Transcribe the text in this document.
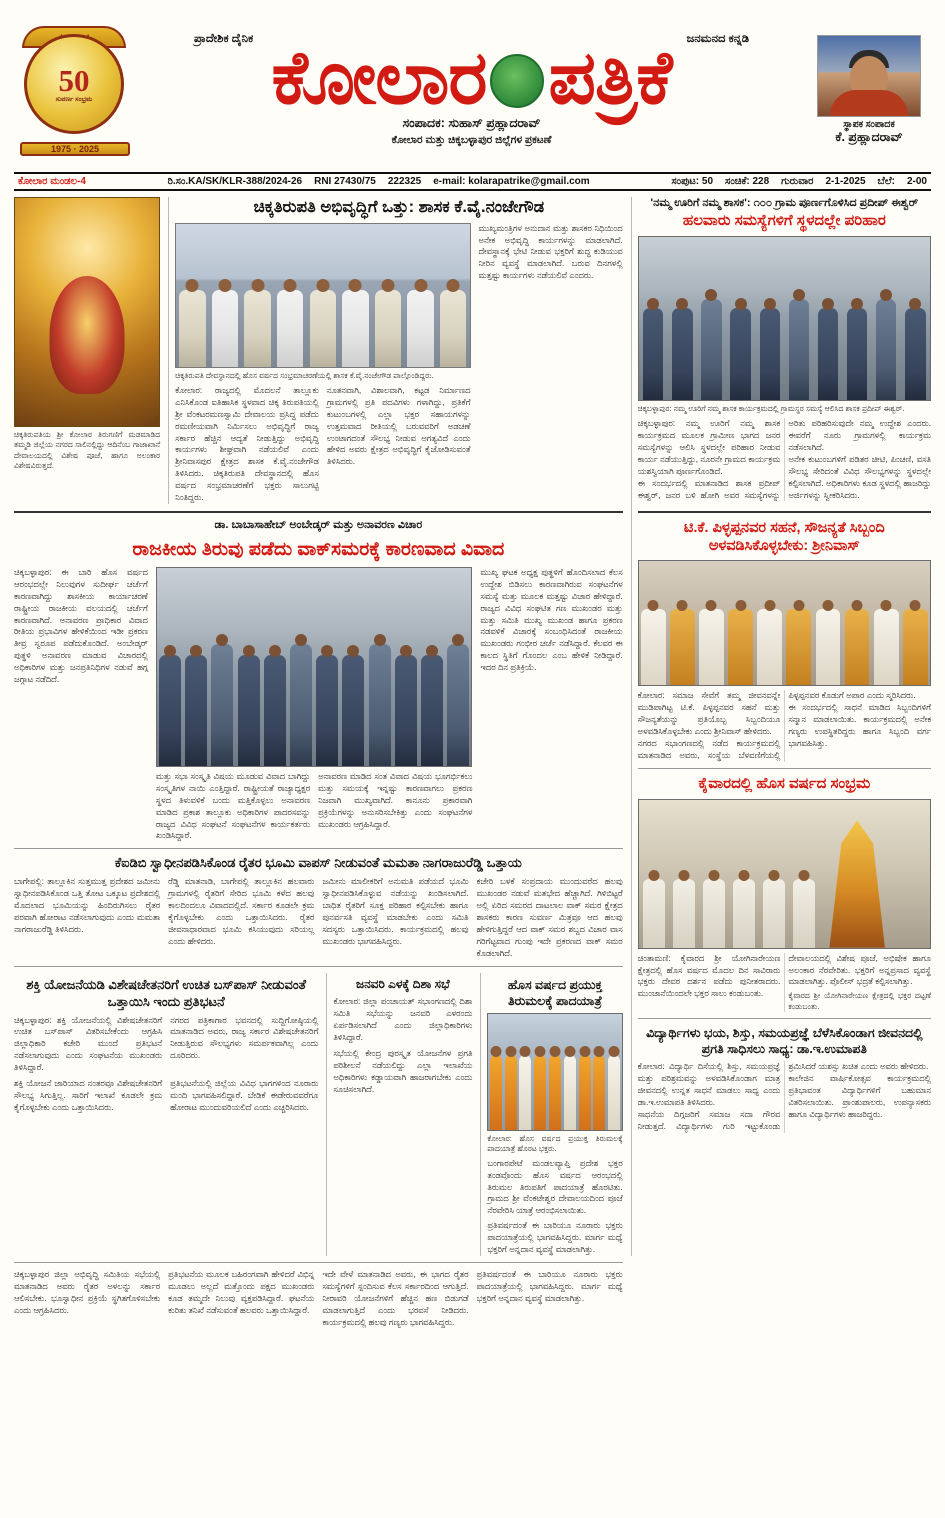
50
ಸುವರ್ಣ ಸಂಭ್ರಮ
1975 · 2025
ಪ್ರಾದೇಶಿಕ ದೈನಿಕ	ಜನಮನದ ಕನ್ನಡಿ
ಕೋಲಾರ ಪತ್ರಿಕೆ
ಸಂಪಾದಕ: ಸುಹಾಸ್ ಪ್ರಹ್ಲಾದರಾವ್
ಕೋಲಾರ ಮತ್ತು ಚಿಕ್ಕಬಳ್ಳಾಪುರ ಜಿಲ್ಲೆಗಳ ಪ್ರಕಟಣೆ
ಸ್ಥಾಪಕ ಸಂಪಾದಕ
ಕೆ. ಪ್ರಹ್ಲಾದರಾವ್
ಕೋಲಾರ ಮಂಡಲ-4	ರಿ.ಸಂ.KA/SK/KLR-388/2024-26 RNI 27430/75 222325 e-mail: kolarapatrike@gmail.com	ಸಂಪುಟ: 50 ಸಂಚಿಕೆ: 228 ಗುರುವಾರ 2-1-2025 ಬೆಲೆ: 2-00
ಚಿಕ್ಕತಿರುಪತಿಯ ಶ್ರೀ ಕೋಲಾರ ತಿರುಗಣಿಗೆ ಮಡಮಾಡಿದ ತಮ್ಮಡಿ ಜಿಲ್ಲೆಯ ನಗರದ ಸಾಲಿನಲ್ಲಿದ್ದು ಆದಿನೆಂಬ ಗಾಜಾಖಾನೆ ದೇವಾಲಯದಲ್ಲಿ ವಿಶೇಷ ಪೂಜೆ, ಹಾಗೂ ಅಲಂಕಾರ ವಿಶೇಷವಿರುತ್ತದೆ.
ಚಿಕ್ಕತಿರುಪತಿ ಅಭಿವೃದ್ಧಿಗೆ ಒತ್ತು: ಶಾಸಕ ಕೆ.ವೈ.ನಂಜೇಗೌಡ
ಚಿಕ್ಕತಿರುಪತಿ ದೇವಸ್ಥಾನದಲ್ಲಿ ಹೊಸ ವರ್ಷದ ಸಂಭ್ರಮಾಚರಣೆಯಲ್ಲಿ ಶಾಸಕ ಕೆ.ವೈ.ನಂಜೇಗೌಡ ಪಾಲ್ಗೊಂಡಿದ್ದರು.
ಕೋಲಾರ: ರಾಜ್ಯದಲ್ಲಿ ಮೊದಲನೆ ತಾಲ್ಲೂಕು ಎನಿಸಿಕೊಂಡ ಐತಿಹಾಸಿಕ ಸ್ಥಳವಾದ ಚಿಕ್ಕ ತಿರುಪತಿಯಲ್ಲಿ ಶ್ರೀ ವೆಂಕಟರಮಣಸ್ವಾಮಿ ದೇವಾಲಯ ಪ್ರಸಿದ್ಧ ಪಡೆದು ರಮಣೀಯವಾಗಿ ನಿರ್ಮಿಸಲು ಅಭಿವೃದ್ಧಿಗೆ ರಾಜ್ಯ ಸರ್ಕಾರ ಹೆಚ್ಚಿನ ಆದ್ಯತೆ ನೀಡುತ್ತಿದ್ದು ಅಭಿವೃದ್ಧಿ ಕಾರ್ಯಗಳು ಶೀಘ್ರವಾಗಿ ನಡೆಯಲಿವೆ ಎಂದು ಶ್ರೀನಿವಾಸಪುರ ಕ್ಷೇತ್ರದ ಶಾಸಕ ಕೆ.ವೈ.ನಂಜೇಗೌಡ ತಿಳಿಸಿದರು. ಚಿಕ್ಕತಿರುಪತಿ ದೇವಸ್ಥಾನದಲ್ಲಿ ಹೊಸ ವರ್ಷದ ಸಂಭ್ರಮಾಚರಣೆಗೆ ಭಕ್ತರು ಸಾಲುಗಟ್ಟಿ ನಿಂತಿದ್ದರು.
ನೂತನವಾಗಿ, ವಿಶಾಲವಾಗಿ, ಕಟ್ಟಡ ನಿರ್ಮಾಣದ ಗ್ರಾಮಗಳಲ್ಲಿ ಪ್ರತಿ ಪದವಿಗಳು ಗಳಾಗಿದ್ದು, ಪ್ರತಿಕೆಗೆ ಕುಟುಂಬಗಳಲ್ಲಿ ಎಲ್ಲಾ ಭಕ್ತರ ಸಹಾಯಗಳನ್ನು ಉತ್ತಮವಾದ ರೀತಿಯಲ್ಲಿ ಬರುವವರಿಗೆ ಅಡಚಣೆ ಉಂಟಾಗದಂತೆ ಸೌಲಭ್ಯ ನೀಡುವ ಅಗತ್ಯವಿದೆ ಎಂದು ಹೇಳಿದ ಅವರು ಕ್ಷೇತ್ರದ ಅಭಿವೃದ್ಧಿಗೆ ಕೈಜೋಡಿಸುವಂತೆ ತಿಳಿಸಿದರು.
ಮುಖ್ಯಮಂತ್ರಿಗಳ ಅನುದಾನ ಮತ್ತು ಶಾಸಕರ ನಿಧಿಯಿಂದ ಅನೇಕ ಅಭಿವೃದ್ಧಿ ಕಾರ್ಯಗಳನ್ನು ಮಾಡಲಾಗಿದೆ. ದೇವಸ್ಥಾನಕ್ಕೆ ಭೇಟಿ ನೀಡುವ ಭಕ್ತರಿಗೆ ಶುದ್ಧ ಕುಡಿಯುವ ನೀರಿನ ವ್ಯವಸ್ಥೆ ಮಾಡಲಾಗಿದೆ. ಬರುವ ದಿನಗಳಲ್ಲಿ ಮತ್ತಷ್ಟು ಕಾರ್ಯಗಳು ನಡೆಯಲಿವೆ ಎಂದರು.
'ನಮ್ಮ ಊರಿಗೆ ನಮ್ಮ ಶಾಸಕ': ೧೦೦ ಗ್ರಾಮ ಪೂರ್ಣಗೊಳಿಸಿದ ಪ್ರದೀಪ್ ಈಶ್ವರ್
ಹಲವಾರು ಸಮಸ್ಯೆಗಳಿಗೆ ಸ್ಥಳದಲ್ಲೇ ಪರಿಹಾರ
ಚಿಕ್ಕಬಳ್ಳಾಪುರ: ನಮ್ಮ ಊರಿಗೆ ನಮ್ಮ ಶಾಸಕ ಕಾರ್ಯಕ್ರಮದಲ್ಲಿ ಗ್ರಾಮಸ್ಥರ ಸಮಸ್ಯೆ ಆಲಿಸಿದ ಶಾಸಕ ಪ್ರದೀಪ್ ಈಶ್ವರ್.
ಚಿಕ್ಕಬಳ್ಳಾಪುರ: ನಮ್ಮ ಊರಿಗೆ ನಮ್ಮ ಶಾಸಕ ಕಾರ್ಯಕ್ರಮದ ಮೂಲಕ ಗ್ರಾಮೀಣ ಭಾಗದ ಜನರ ಸಮಸ್ಯೆಗಳನ್ನು ಆಲಿಸಿ ಸ್ಥಳದಲ್ಲೇ ಪರಿಹಾರ ನೀಡುವ ಕಾರ್ಯ ನಡೆಯುತ್ತಿದ್ದು, ನೂರನೇ ಗ್ರಾಮದ ಕಾರ್ಯಕ್ರಮ ಯಶಸ್ವಿಯಾಗಿ ಪೂರ್ಣಗೊಂಡಿದೆ.
ಈ ಸಂದರ್ಭದಲ್ಲಿ ಮಾತನಾಡಿದ ಶಾಸಕ ಪ್ರದೀಪ್ ಈಶ್ವರ್, ಜನರ ಬಳಿ ಹೋಗಿ ಅವರ ಸಮಸ್ಯೆಗಳನ್ನು ಅರಿತು ಪರಿಹರಿಸುವುದೇ ನಮ್ಮ ಉದ್ದೇಶ ಎಂದರು. ಈವರೆಗೆ ನೂರು ಗ್ರಾಮಗಳಲ್ಲಿ ಕಾರ್ಯಕ್ರಮ ನಡೆಸಲಾಗಿದೆ.
ಅನೇಕ ಕುಟುಂಬಗಳಿಗೆ ಪಡಿತರ ಚೀಟಿ, ಪಿಂಚಣಿ, ವಸತಿ ಸೌಲಭ್ಯ ಸೇರಿದಂತೆ ವಿವಿಧ ಸೌಲಭ್ಯಗಳನ್ನು ಸ್ಥಳದಲ್ಲೇ ಕಲ್ಪಿಸಲಾಗಿದೆ. ಅಧಿಕಾರಿಗಳು ಕೂಡ ಸ್ಥಳದಲ್ಲಿ ಹಾಜರಿದ್ದು ಅರ್ಜಿಗಳನ್ನು ಸ್ವೀಕರಿಸಿದರು.
ಡಾ. ಬಾಬಾಸಾಹೇಬ್ ಅಂಬೇಡ್ಕರ್ ಮತ್ತು ಅನಾವರಣ ವಿಚಾರ
ರಾಜಕೀಯ ತಿರುವು ಪಡೆದು ವಾಕ್‌ಸಮರಕ್ಕೆ ಕಾರಣವಾದ ವಿವಾದ
ಚಿಕ್ಕಬಳ್ಳಾಪುರ: ಈ ಬಾರಿ ಹೊಸ ವರ್ಷದ ಆರಂಭದಲ್ಲೇ ನಿಲುವುಗಳ ಸುದೀರ್ಘ ಚರ್ಚೆಗೆ ಕಾರಣವಾಗಿದ್ದು ಶಾಸಕೀಯ ಕಾರ್ಯಾಚರಣೆ ರಾಷ್ಟ್ರೀಯ ರಾಜಕೀಯ ವಲಯದಲ್ಲಿ ಚರ್ಚೆಗೆ ಕಾರಣವಾಗಿದೆ. ಅನಾವರಣ ಪ್ರಾಧಿಕಾರ ವಿವಾದ ರೀತಿಯ ಪ್ರಭಾವಿಗಳ ಹೇಳಿಕೆಯಿಂದ ಇಡೀ ಪ್ರಕರಣ ತೀವ್ರ ಸ್ವರೂಪ ಪಡೆದುಕೊಂಡಿದೆ. ಅಂಬೇಡ್ಕರ್ ಪುತ್ಥಳಿ ಅನಾವರಣ ಮಾಡುವ ವಿಚಾರದಲ್ಲಿ ಅಧಿಕಾರಿಗಳ ಮತ್ತು ಜನಪ್ರತಿನಿಧಿಗಳ ನಡುವೆ ಹಗ್ಗ ಜಗ್ಗಾಟ ನಡೆದಿದೆ.
ಮತ್ತು ಸಭಾ ಸಂಸ್ಕೃತಿ ವಿಷಯ ಮೂಡುವ ವಿವಾದ ಬಾಗಿದ್ದು ಸಂಸ್ಕೃತಿಗಳ ನಾಯಿ ಎಂತ್ತಿದ್ದಾರೆ. ರಾಷ್ಟ್ರೀಯತೆ ರಾಜ್ಯಾಧ್ಯಕ್ಷರ ಸ್ಥಳದ ತಿಳುವಳಿಕೆ ಬಂದು ಮತ್ತಿಕೊಳ್ಳಲು ಅನಾವರಣ ಮಾಡಿದ ಪ್ರಕಾಶ ತಾಲ್ಲೂಕು ಅಧಿಕಾರಿಗಳ ಪಾದರಸವನ್ನು ರಾಜ್ಯದ ವಿವಿಧ ಸಂಘಟನೆ ಸಂಘಟನೆಗಳ ಕಾರ್ಯಕರ್ತರು ಖಂಡಿಸಿದ್ದಾರೆ.
ಅನಾವರಣ ಮಾಡಿದ ಸಂತ ವಿವಾದ ವಿಷಯ ಭೂಗರ್ಭಿಕಲು ಮತ್ತು ಸಮಯಕ್ಕೆ ಇನ್ನಷ್ಟು ಕಾರಣವಾಗಲು ಪ್ರಕರಣ ನಿಜವಾಗಿ ಮುಖ್ಯವಾಗಿದೆ. ಕಾನೂನು ಪ್ರಕಾರವಾಗಿ ಪ್ರಕ್ರಿಯೆಗಳನ್ನು ಅನುಸರಿಸಬೇಕಿತ್ತು ಎಂದು ಸಂಘಟನೆಗಳ ಮುಖಂಡರು ಆಗ್ರಹಿಸಿದ್ದಾರೆ.
ಮುಖ್ಯ ಘಟಕ ಅಧ್ಯಕ್ಷ ಪುತ್ಥಳಿಗೆ ಹೊಂದಿಸಲಾದ ಕೆಲಸ ಉದ್ದೇಶ ಬಿಡಿಸಲು ಕಾರಣವಾಗಿರುವ ಸಂಘಟನೆಗಳ ಸಮಸ್ಯೆ ಮತ್ತು ಮೂಲಕ ಮತ್ತಷ್ಟು ವಿಚಾರ ಹೇಳಿದ್ದಾರೆ. ರಾಜ್ಯದ ವಿವಿಧ ಸಂಘಟಿತ ಗಣ ಮುಖಂಡರ ಮತ್ತು ಮತ್ತು ಸಮಿತಿ ಮುಖ್ಯ ಮುಖಂಡ ಹಾಗೂ ಪ್ರಕರಣ ನಡವಳಿಕೆ ವಿಚಾರಕ್ಕೆ ಸಂಬಂಧಿಸಿದಂತೆ ರಾಜಕೀಯ ಮುಖಂಡರು ಗಂಭೀರ ಚರ್ಚೆ ನಡೆಸಿದ್ದಾರೆ. ಕೆಲವರ ಈ ಕಾಲದ ಸ್ಥಿತಿಗೆ ಗೊಂದಲ ಎಂಬ ಹೇಳಿಕೆ ನೀಡಿದ್ದಾರೆ. ಇದರ ದಿನ ಪ್ರತಿಕ್ರಿಯೆ.
ಕೆಐಡಿಬಿ ಸ್ವಾಧೀನಪಡಿಸಿಕೊಂಡ ರೈತರ ಭೂಮಿ ವಾಪಸ್ ನೀಡುವಂತೆ ಮಮತಾ ನಾಗರಾಜುರೆಡ್ಡಿ ಒತ್ತಾಯ
ಬಾಗೇಪಲ್ಲಿ: ತಾಲ್ಲೂಕಿನ ಸುತ್ತಮುತ್ತ ಪ್ರದೇಶದ ಜಮೀನು ಸ್ವಾಧೀನಪಡಿಸಿಕೊಂಡ ಒತ್ತಿ ತೋಟ ಒಕ್ಕೂಟ ಪ್ರದೇಶದಲ್ಲಿ ಮೊದಲಾದ ಭೂಮಿಯನ್ನು ಹಿಂದಿರುಗಿಸಲು ರೈತರ ಪರವಾಗಿ ಹೋರಾಟ ನಡೆಸಲಾಗುವುದು ಎಂದು ಮಮತಾ ನಾಗರಾಜುರೆಡ್ಡಿ ತಿಳಿಸಿದರು.
ರೆಡ್ಡಿ ಮಾತನಾಡಿ, ಬಾಗೇಪಲ್ಲಿ ತಾಲ್ಲೂಕಿನ ಹಲವಾರು ಗ್ರಾಮಗಳಲ್ಲಿ ರೈತರಿಗೆ ಸೇರಿದ ಭೂಮಿ ಕಳೆದ ಹಲವು ಕಾಲದಿಂದಲೂ ವಿವಾದದಲ್ಲಿದೆ. ಸರ್ಕಾರ ಕೂಡಲೇ ಕ್ರಮ ಕೈಗೊಳ್ಳಬೇಕು ಎಂದು ಒತ್ತಾಯಿಸಿದರು. ರೈತರ ಜೀವನಾಧಾರವಾದ ಭೂಮಿ ಕಸಿಯುವುದು ಸರಿಯಲ್ಲ ಎಂದು ಹೇಳಿದರು.
ಜಮೀನು ಮಾಲೀಕರಿಗೆ ಅನುಮತಿ ಪಡೆಯದೆ ಭೂಮಿ ಸ್ವಾಧೀನಪಡಿಸಿಕೊಳ್ಳುವ ನಡೆಯನ್ನು ಖಂಡಿಸಲಾಗಿದೆ. ಬಾಧಿತ ರೈತರಿಗೆ ಸೂಕ್ತ ಪರಿಹಾರ ಕಲ್ಪಿಸಬೇಕು ಹಾಗೂ ಪುನರ್ವಸತಿ ವ್ಯವಸ್ಥೆ ಮಾಡಬೇಕು ಎಂದು ಸಮಿತಿ ಸದಸ್ಯರು ಒತ್ತಾಯಿಸಿದರು. ಕಾರ್ಯಕ್ರಮದಲ್ಲಿ ಹಲವು ಮುಖಂಡರು ಭಾಗವಹಿಸಿದ್ದರು.
ಕಚೇರಿ ಬಳಕೆ ಸಂಪ್ರದಾಯ ಮುಂದುವರೆದ ಹಲವು ಮುಖಂಡರ ನಡುವೆ ಮತಭೇದ ಹೆಚ್ಚಾಗಿದೆ. ಗಿಳಿಬಿಟ್ಟರೆ ಅಲ್ಲಿ ಏರಿದ ಸಮರದ ದಾಟಲಾಲ ವಾಕ್ ಸಮರ ಕ್ಷೇತ್ರದ ಶಾಸಕರು ಕಾರಣ ಸುವರ್ಣ ಮಿತ್ರವೂ ಆದ ಹಲವು ಹೇಳಿಗುತ್ತಿದ್ದರೆ ಆದ ವಾಕ್ ಸಮರ ಶಬ್ದದ ವಿಚಾರ ವಾಸ ಗರಿಗೆಟ್ಟವಾದ ಗುಂಪು ಇದೇ ಪ್ರಕರಣದ ವಾಕ್ ಸಮರ ಕೊಡಲಾಗಿದೆ.
ಶಕ್ತಿ ಯೋಜನೆಯಡಿ ವಿಶೇಷಚೇತನರಿಗೆ ಉಚಿತ ಬಸ್‌ಪಾಸ್ ನೀಡುವಂತೆ ಒತ್ತಾಯಿಸಿ ಇಂದು ಪ್ರತಿಭಟನೆ
ಚಿಕ್ಕಬಳ್ಳಾಪುರ: ಶಕ್ತಿ ಯೋಜನೆಯಲ್ಲಿ ವಿಶೇಷಚೇತನರಿಗೆ ಉಚಿತ ಬಸ್‌ಪಾಸ್ ವಿತರಿಸಬೇಕೆಂದು ಆಗ್ರಹಿಸಿ ಜಿಲ್ಲಾಧಿಕಾರಿ ಕಚೇರಿ ಮುಂದೆ ಪ್ರತಿಭಟನೆ ನಡೆಸಲಾಗುವುದು ಎಂದು ಸಂಘಟನೆಯ ಮುಖಂಡರು ತಿಳಿಸಿದ್ದಾರೆ.
ನಗರದ ಪತ್ರಿಕಾಗಾರ ಭವನದಲ್ಲಿ ಸುದ್ದಿಗೋಷ್ಠಿಯಲ್ಲಿ ಮಾತನಾಡಿದ ಅವರು, ರಾಜ್ಯ ಸರ್ಕಾರ ವಿಶೇಷಚೇತನರಿಗೆ ನೀಡುತ್ತಿರುವ ಸೌಲಭ್ಯಗಳು ಸಮರ್ಪಕವಾಗಿಲ್ಲ ಎಂದು ದೂರಿದರು.
ಶಕ್ತಿ ಯೋಜನೆ ಜಾರಿಯಾದ ನಂತರವೂ ವಿಶೇಷಚೇತನರಿಗೆ ಸೌಲಭ್ಯ ಸಿಗುತ್ತಿಲ್ಲ. ಸಾರಿಗೆ ಇಲಾಖೆ ಕೂಡಲೇ ಕ್ರಮ ಕೈಗೊಳ್ಳಬೇಕು ಎಂದು ಒತ್ತಾಯಿಸಿದರು.
ಪ್ರತಿಭಟನೆಯಲ್ಲಿ ಜಿಲ್ಲೆಯ ವಿವಿಧ ಭಾಗಗಳಿಂದ ನೂರಾರು ಮಂದಿ ಭಾಗವಹಿಸಲಿದ್ದಾರೆ. ಬೇಡಿಕೆ ಈಡೇರುವವರೆಗೂ ಹೋರಾಟ ಮುಂದುವರಿಯಲಿದೆ ಎಂದು ಎಚ್ಚರಿಸಿದರು.
ಜನವರಿ ಎಳಕ್ಕೆ ದಿಶಾ ಸಭೆ
ಕೋಲಾರ: ಜಿಲ್ಲಾ ಪಂಚಾಯತ್ ಸಭಾಂಗಣದಲ್ಲಿ ದಿಶಾ ಸಮಿತಿ ಸಭೆಯನ್ನು ಜನವರಿ ಎಳರಂದು ಏರ್ಪಡಿಸಲಾಗಿದೆ ಎಂದು ಜಿಲ್ಲಾಧಿಕಾರಿಗಳು ತಿಳಿಸಿದ್ದಾರೆ.
ಸಭೆಯಲ್ಲಿ ಕೇಂದ್ರ ಪುರಸ್ಕೃತ ಯೋಜನೆಗಳ ಪ್ರಗತಿ ಪರಿಶೀಲನೆ ನಡೆಯಲಿದ್ದು ಎಲ್ಲಾ ಇಲಾಖೆಯ ಅಧಿಕಾರಿಗಳು ಕಡ್ಡಾಯವಾಗಿ ಹಾಜರಾಗಬೇಕು ಎಂದು ಸೂಚಿಸಲಾಗಿದೆ.
ಹೊಸ ವರ್ಷದ ಪ್ರಯುಕ್ತ ತಿರುಮಲಕ್ಕೆ ಪಾದಯಾತ್ರೆ
ಕೋಲಾರ: ಹೊಸ ವರ್ಷದ ಪ್ರಯುಕ್ತ ತಿರುಮಲಕ್ಕೆ ಪಾದಯಾತ್ರೆ ಹೊರಟ ಭಕ್ತರು.
ಬಂಗಾರಪೇಟೆ ಮಂಡಲವ್ಯಾಪ್ತಿ ಪ್ರದೇಶ ಭಕ್ತರ ತಂಡವೊಂದು ಹೊಸ ವರ್ಷದ ಆರಂಭದಲ್ಲಿ ತಿರುಮಲ ತಿರುಪತಿಗೆ ಪಾದಯಾತ್ರೆ ಹೊರಟಿತು. ಗ್ರಾಮದ ಶ್ರೀ ವೆಂಕಟೇಶ್ವರ ದೇವಾಲಯದಿಂದ ಪೂಜೆ ನೆರವೇರಿಸಿ ಯಾತ್ರೆ ಆರಂಭಿಸಲಾಯಿತು.
ಪ್ರತಿವರ್ಷದಂತೆ ಈ ಬಾರಿಯೂ ನೂರಾರು ಭಕ್ತರು ಪಾದಯಾತ್ರೆಯಲ್ಲಿ ಭಾಗವಹಿಸಿದ್ದರು. ಮಾರ್ಗ ಮಧ್ಯೆ ಭಕ್ತರಿಗೆ ಅನ್ನದಾನ ವ್ಯವಸ್ಥೆ ಮಾಡಲಾಗಿತ್ತು.
ಟಿ.ಕೆ. ಪಿಳ್ಳಪ್ಪನವರ ಸಹನೆ, ಸೌಜನ್ಯತೆ ಸಿಬ್ಬಂದಿ ಅಳವಡಿಸಿಕೊಳ್ಳಬೇಕು: ಶ್ರೀನಿವಾಸ್
ಕೋಲಾರ: ಸಮಾಜ ಸೇವೆಗೆ ತಮ್ಮ ಜೀವನವನ್ನೇ ಮುಡಿಪಾಗಿಟ್ಟ ಟಿ.ಕೆ. ಪಿಳ್ಳಪ್ಪನವರ ಸಹನೆ ಮತ್ತು ಸೌಜನ್ಯತೆಯನ್ನು ಪ್ರತಿಯೊಬ್ಬ ಸಿಬ್ಬಂದಿಯೂ ಅಳವಡಿಸಿಕೊಳ್ಳಬೇಕು ಎಂದು ಶ್ರೀನಿವಾಸ್ ಹೇಳಿದರು.
ನಗರದ ಸಭಾಂಗಣದಲ್ಲಿ ನಡೆದ ಕಾರ್ಯಕ್ರಮದಲ್ಲಿ ಮಾತನಾಡಿದ ಅವರು, ಸಂಸ್ಥೆಯ ಬೆಳವಣಿಗೆಯಲ್ಲಿ ಪಿಳ್ಳಪ್ಪನವರ ಕೊಡುಗೆ ಅಪಾರ ಎಂದು ಸ್ಮರಿಸಿದರು.
ಈ ಸಂದರ್ಭದಲ್ಲಿ ಸಾಧನೆ ಮಾಡಿದ ಸಿಬ್ಬಂದಿಗಳಿಗೆ ಸನ್ಮಾನ ಮಾಡಲಾಯಿತು. ಕಾರ್ಯಕ್ರಮದಲ್ಲಿ ಅನೇಕ ಗಣ್ಯರು ಉಪಸ್ಥಿತರಿದ್ದರು ಹಾಗೂ ಸಿಬ್ಬಂದಿ ವರ್ಗ ಭಾಗವಹಿಸಿತ್ತು.
ಕೈವಾರದಲ್ಲಿ ಹೊಸ ವರ್ಷದ ಸಂಭ್ರಮ
ಚಿಂತಾಮಣಿ: ಕೈವಾರದ ಶ್ರೀ ಯೋಗಿನಾರೇಯಣ ಕ್ಷೇತ್ರದಲ್ಲಿ ಹೊಸ ವರ್ಷದ ಮೊದಲ ದಿನ ಸಾವಿರಾರು ಭಕ್ತರು ದೇವರ ದರ್ಶನ ಪಡೆದು ಪುನೀತರಾದರು. ಮುಂಜಾನೆಯಿಂದಲೇ ಭಕ್ತರ ಸಾಲು ಕಂಡುಬಂತು.
ದೇವಾಲಯದಲ್ಲಿ ವಿಶೇಷ ಪೂಜೆ, ಅಭಿಷೇಕ ಹಾಗೂ ಅಲಂಕಾರ ನೆರವೇರಿತು. ಭಕ್ತರಿಗೆ ಅನ್ನಪ್ರಸಾದ ವ್ಯವಸ್ಥೆ ಮಾಡಲಾಗಿತ್ತು. ಪೊಲೀಸ್ ಭದ್ರತೆ ಕಲ್ಪಿಸಲಾಗಿತ್ತು.
ಕೈವಾರದ ಶ್ರೀ ಯೋಗಿನಾರೇಯಣ ಕ್ಷೇತ್ರದಲ್ಲಿ ಭಕ್ತರ ದಟ್ಟಣೆ ಕಂಡುಬಂತು.
ವಿದ್ಯಾರ್ಥಿಗಳು ಭಯ, ಶಿಸ್ತು, ಸಮಯಪ್ರಜ್ಞೆ ಬೆಳೆಸಿಕೊಂಡಾಗ ಜೀವನದಲ್ಲಿ ಪ್ರಗತಿ ಸಾಧಿಸಲು ಸಾಧ್ಯ: ಡಾ.ಇ.ಉಮಾಪತಿ
ಕೋಲಾರ: ವಿದ್ಯಾರ್ಥಿ ದಿಸೆಯಲ್ಲಿ ಶಿಸ್ತು, ಸಮಯಪ್ರಜ್ಞೆ ಮತ್ತು ಪರಿಶ್ರಮವನ್ನು ಅಳವಡಿಸಿಕೊಂಡಾಗ ಮಾತ್ರ ಜೀವನದಲ್ಲಿ ಉನ್ನತ ಸಾಧನೆ ಮಾಡಲು ಸಾಧ್ಯ ಎಂದು ಡಾ.ಇ.ಉಮಾಪತಿ ತಿಳಿಸಿದರು.
ಸಾಧನೆಯ ದಿಗ್ಗಜರಿಗೆ ಸಮಾಜ ಸದಾ ಗೌರವ ನೀಡುತ್ತದೆ. ವಿದ್ಯಾರ್ಥಿಗಳು ಗುರಿ ಇಟ್ಟುಕೊಂಡು ಶ್ರಮಿಸಿದರೆ ಯಶಸ್ಸು ಖಚಿತ ಎಂದು ಅವರು ಹೇಳಿದರು.
ಕಾಲೇಜಿನ ವಾರ್ಷಿಕೋತ್ಸವ ಕಾರ್ಯಕ್ರಮದಲ್ಲಿ ಪ್ರತಿಭಾವಂತ ವಿದ್ಯಾರ್ಥಿಗಳಿಗೆ ಬಹುಮಾನ ವಿತರಿಸಲಾಯಿತು. ಪ್ರಾಂಶುಪಾಲರು, ಉಪನ್ಯಾಸಕರು ಹಾಗೂ ವಿದ್ಯಾರ್ಥಿಗಳು ಹಾಜರಿದ್ದರು.
ಚಿಕ್ಕಬಳ್ಳಾಪುರ ಜಿಲ್ಲಾ ಅಭಿವೃದ್ಧಿ ಸಮಿತಿಯ ಸಭೆಯಲ್ಲಿ ಮಾತನಾಡಿದ ಅವರು ರೈತರ ಅಳಲನ್ನು ಸರ್ಕಾರ ಆಲಿಸಬೇಕು. ಭೂಸ್ವಾಧೀನ ಪ್ರಕ್ರಿಯೆ ಸ್ಥಗಿತಗೊಳಿಸಬೇಕು ಎಂದು ಆಗ್ರಹಿಸಿದರು.
ಪ್ರತಿಭಟನೆಯ ಮೂಲಕ ಬಹಿರಂಗವಾಗಿ ಹೇಳಿದರೆ ವಿಭಿನ್ನ ಮೂಡಲು ಅಲ್ಲದೆ ಮತ್ತೊಂದು ಪಕ್ಷದ ಮುಖಂಡರು ಕೂಡ ತಮ್ಮದೇ ನಿಲುವು ವ್ಯಕ್ತಪಡಿಸಿದ್ದಾರೆ. ಘಟನೆಯ ಕುರಿತು ತನಿಖೆ ನಡೆಸುವಂತೆ ಹಲವರು ಒತ್ತಾಯಿಸಿದ್ದಾರೆ.
ಇದೇ ವೇಳೆ ಮಾತನಾಡಿದ ಅವರು, ಈ ಭಾಗದ ರೈತರ ಸಮಸ್ಯೆಗಳಿಗೆ ಸ್ಪಂದಿಸುವ ಕೆಲಸ ಸರ್ಕಾರದಿಂದ ಆಗುತ್ತಿದೆ. ನೀರಾವರಿ ಯೋಜನೆಗಳಿಗೆ ಹೆಚ್ಚಿನ ಹಣ ಬಿಡುಗಡೆ ಮಾಡಲಾಗುತ್ತಿದೆ ಎಂದು ಭರವಸೆ ನೀಡಿದರು. ಕಾರ್ಯಕ್ರಮದಲ್ಲಿ ಹಲವು ಗಣ್ಯರು ಭಾಗವಹಿಸಿದ್ದರು.
ಪ್ರತಿವರ್ಷದಂತೆ ಈ ಬಾರಿಯೂ ನೂರಾರು ಭಕ್ತರು ಪಾದಯಾತ್ರೆಯಲ್ಲಿ ಭಾಗವಹಿಸಿದ್ದರು. ಮಾರ್ಗ ಮಧ್ಯೆ ಭಕ್ತರಿಗೆ ಅನ್ನದಾನ ವ್ಯವಸ್ಥೆ ಮಾಡಲಾಗಿತ್ತು.
